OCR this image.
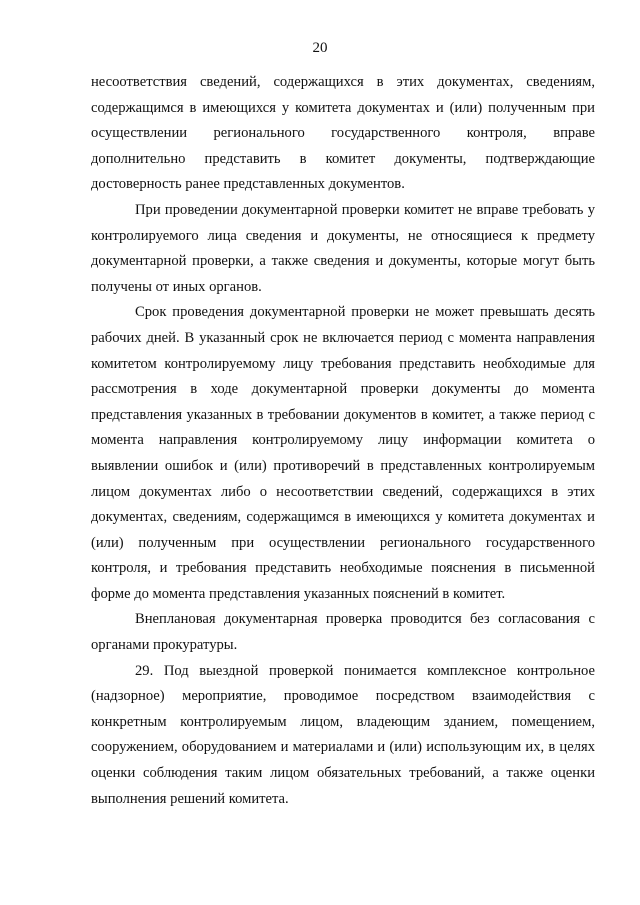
20

несоответствия сведений, содержащихся в этих документах, сведениям, содержащимся в имеющихся у комитета документах и (или) полученным при осуществлении регионального государственного контроля, вправе дополнительно представить в комитет документы, подтверждающие достоверность ранее представленных документов.

При проведении документарной проверки комитет не вправе требовать у контролируемого лица сведения и документы, не относящиеся к предмету документарной проверки, а также сведения и документы, которые могут быть получены от иных органов.

Срок проведения документарной проверки не может превышать десять рабочих дней. В указанный срок не включается период с момента направления комитетом контролируемому лицу требования представить необходимые для рассмотрения в ходе документарной проверки документы до момента представления указанных в требовании документов в комитет, а также период с момента направления контролируемому лицу информации комитета о выявлении ошибок и (или) противоречий в представленных контролируемым лицом документах либо о несоответствии сведений, содержащихся в этих документах, сведениям, содержащимся в имеющихся у комитета документах и (или) полученным при осуществлении регионального государственного контроля, и требования представить необходимые пояснения в письменной форме до момента представления указанных пояснений в комитет.

Внеплановая документарная проверка проводится без согласования с органами прокуратуры.

29. Под выездной проверкой понимается комплексное контрольное (надзорное) мероприятие, проводимое посредством взаимодействия с конкретным контролируемым лицом, владеющим зданием, помещением, сооружением, оборудованием и материалами и (или) использующим их, в целях оценки соблюдения таким лицом обязательных требований, а также оценки выполнения решений комитета.
